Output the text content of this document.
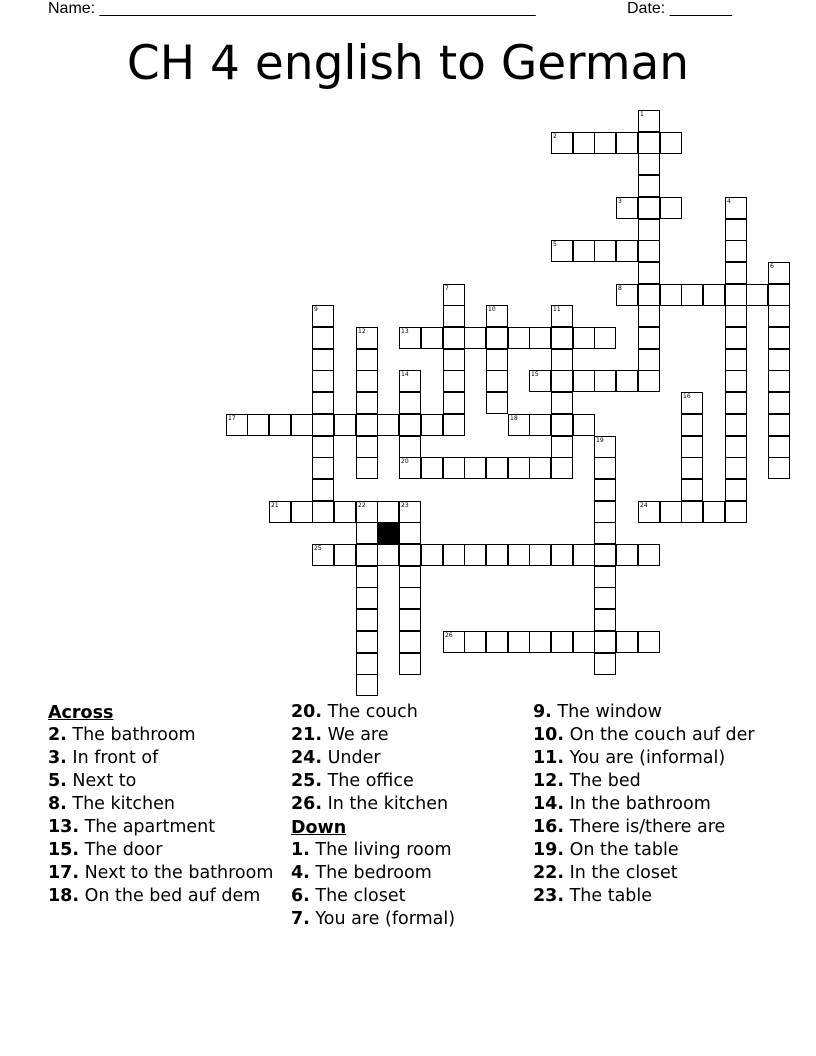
Name: _________________________________________________	Date: _______
CH 4 english to German
1
2
3	4
5
6
7	8
9	10	11
12	13
14
20
15
16
17	18
19
21	22	23	24
25
26
Across
2. The bathroom
3. In front of
5. Next to
8. The kitchen
13. The apartment
15. The door
17. Next to the bathroom
18. On the bed auf dem
20. The couch
21. We are
24. Under
25. The office
26. In the kitchen
Down
1. The living room
4. The bedroom
6. The closet
7. You are (formal)
9. The window
10. On the couch auf der
11. You are (informal)
12. The bed
14. In the bathroom
16. There is/there are
19. On the table
22. In the closet
23. The table
